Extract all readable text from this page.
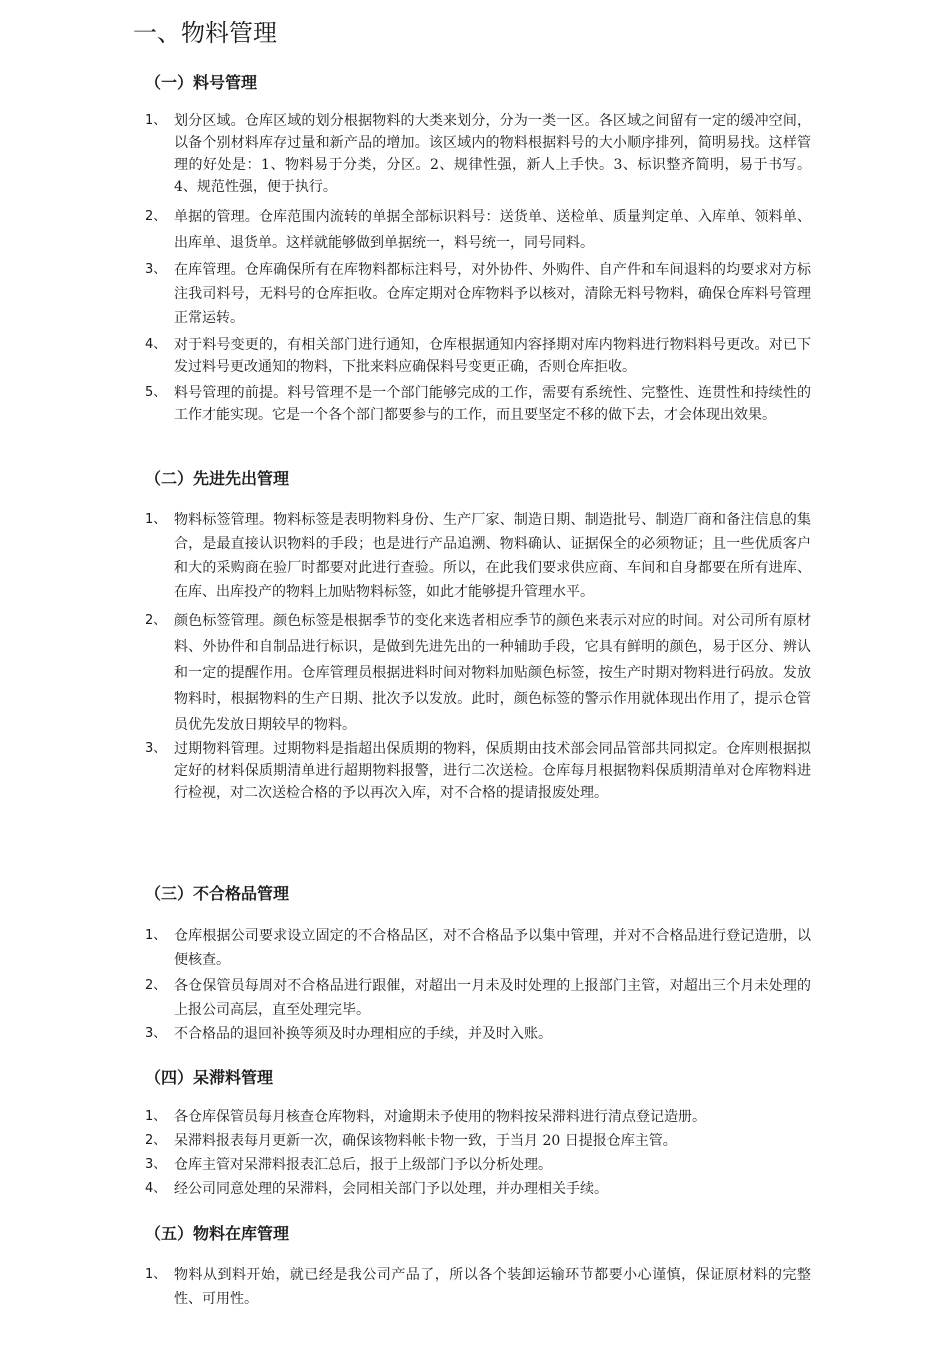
一、物料管理
（一）料号管理
1、 划分区域。仓库区域的划分根据物料的大类来划分，分为一类一区。各区域之间留有一定的缓冲空间，以备个别材料库存过量和新产品的增加。该区域内的物料根据料号的大小顺序排列，简明易找。这样管理的好处是：1、物料易于分类，分区。2、规律性强，新人上手快。3、标识整齐简明，易于书写。4、规范性强，便于执行。
2、 单据的管理。仓库范围内流转的单据全部标识料号：送货单、送检单、质量判定单、入库单、领料单、出库单、退货单。这样就能够做到单据统一，料号统一，同号同料。
3、 在库管理。仓库确保所有在库物料都标注料号，对外协件、外购件、自产件和车间退料的均要求对方标注我司料号，无料号的仓库拒收。仓库定期对仓库物料予以核对，清除无料号物料，确保仓库料号管理正常运转。
4、 对于料号变更的，有相关部门进行通知，仓库根据通知内容择期对库内物料进行物料料号更改。对已下发过料号更改通知的物料，下批来料应确保料号变更正确，否则仓库拒收。
5、 料号管理的前提。料号管理不是一个部门能够完成的工作，需要有系统性、完整性、连贯性和持续性的工作才能实现。它是一个各个部门都要参与的工作，而且要坚定不移的做下去，才会体现出效果。
（二）先进先出管理
1、 物料标签管理。物料标签是表明物料身份、生产厂家、制造日期、制造批号、制造厂商和备注信息的集合，是最直接认识物料的手段；也是进行产品追溯、物料确认、证据保全的必须物证；且一些优质客户和大的采购商在验厂时都要对此进行查验。所以，在此我们要求供应商、车间和自身都要在所有进库、在库、出库投产的物料上加贴物料标签，如此才能够提升管理水平。
2、 颜色标签管理。颜色标签是根据季节的变化来选者相应季节的颜色来表示对应的时间。对公司所有原材料、外协件和自制品进行标识，是做到先进先出的一种辅助手段，它具有鲜明的颜色，易于区分、辨认和一定的提醒作用。仓库管理员根据进料时间对物料加贴颜色标签，按生产时期对物料进行码放。发放物料时，根据物料的生产日期、批次予以发放。此时，颜色标签的警示作用就体现出作用了，提示仓管员优先发放日期较早的物料。
3、 过期物料管理。过期物料是指超出保质期的物料，保质期由技术部会同品管部共同拟定。仓库则根据拟定好的材料保质期清单进行超期物料报警，进行二次送检。仓库每月根据物料保质期清单对仓库物料进行检视，对二次送检合格的予以再次入库，对不合格的提请报废处理。
（三）不合格品管理
1、 仓库根据公司要求设立固定的不合格品区，对不合格品予以集中管理，并对不合格品进行登记造册，以便核查。
2、 各仓保管员每周对不合格品进行跟催，对超出一月未及时处理的上报部门主管，对超出三个月未处理的上报公司高层，直至处理完毕。
3、 不合格品的退回补换等须及时办理相应的手续，并及时入账。
（四）呆滞料管理
1、 各仓库保管员每月核查仓库物料，对逾期未予使用的物料按呆滞料进行清点登记造册。
2、 呆滞料报表每月更新一次，确保该物料帐卡物一致，于当月 20 日提报仓库主管。
3、 仓库主管对呆滞料报表汇总后，报于上级部门予以分析处理。
4、 经公司同意处理的呆滞料，会同相关部门予以处理，并办理相关手续。
（五）物料在库管理
1、 物料从到料开始，就已经是我公司产品了，所以各个装卸运输环节都要小心谨慎，保证原材料的完整性、可用性。
